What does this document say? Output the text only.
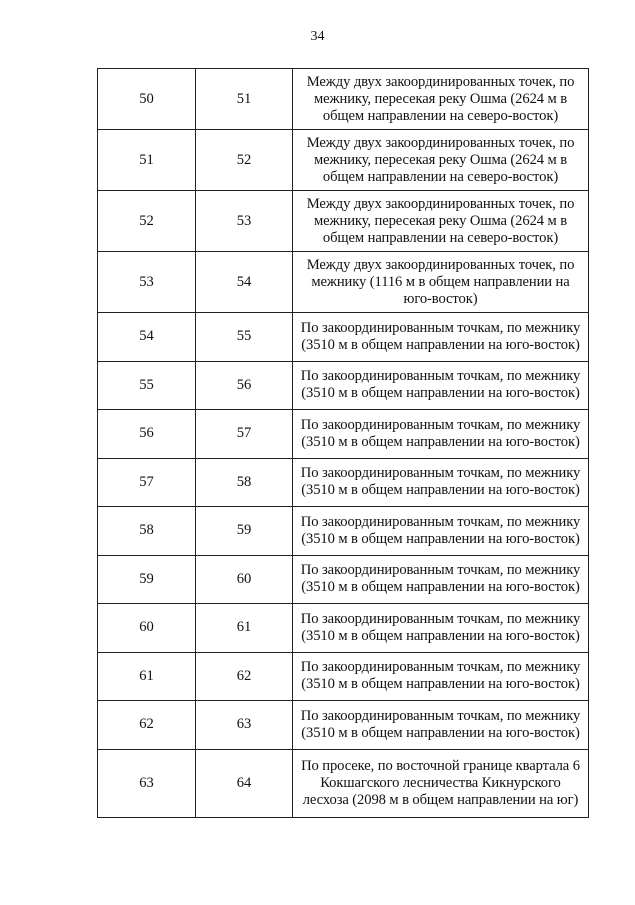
34
50	51	Между двух закоординированных точек, по межнику, пересекая реку Ошма (2624 м в общем направлении на северо-восток)
51	52	Между двух закоординированных точек, по межнику, пересекая реку Ошма (2624 м в общем направлении на северо-восток)
52	53	Между двух закоординированных точек, по межнику, пересекая реку Ошма (2624 м в общем направлении на северо-восток)
53	54	Между двух закоординированных точек, по межнику (1116 м в общем направлении на юго-восток)
54	55	По закоординированным точкам, по межнику (3510 м в общем направлении на юго-восток)
55	56	По закоординированным точкам, по межнику (3510 м в общем направлении на юго-восток)
56	57	По закоординированным точкам, по межнику (3510 м в общем направлении на юго-восток)
57	58	По закоординированным точкам, по межнику (3510 м в общем направлении на юго-восток)
58	59	По закоординированным точкам, по межнику (3510 м в общем направлении на юго-восток)
59	60	По закоординированным точкам, по межнику (3510 м в общем направлении на юго-восток)
60	61	По закоординированным точкам, по межнику (3510 м в общем направлении на юго-восток)
61	62	По закоординированным точкам, по межнику (3510 м в общем направлении на юго-восток)
62	63	По закоординированным точкам, по межнику (3510 м в общем направлении на юго-восток)
63	64	По просеке, по восточной границе квартала 6 Кокшагского лесничества Кикнурского лесхоза (2098 м в общем направлении на юг)
